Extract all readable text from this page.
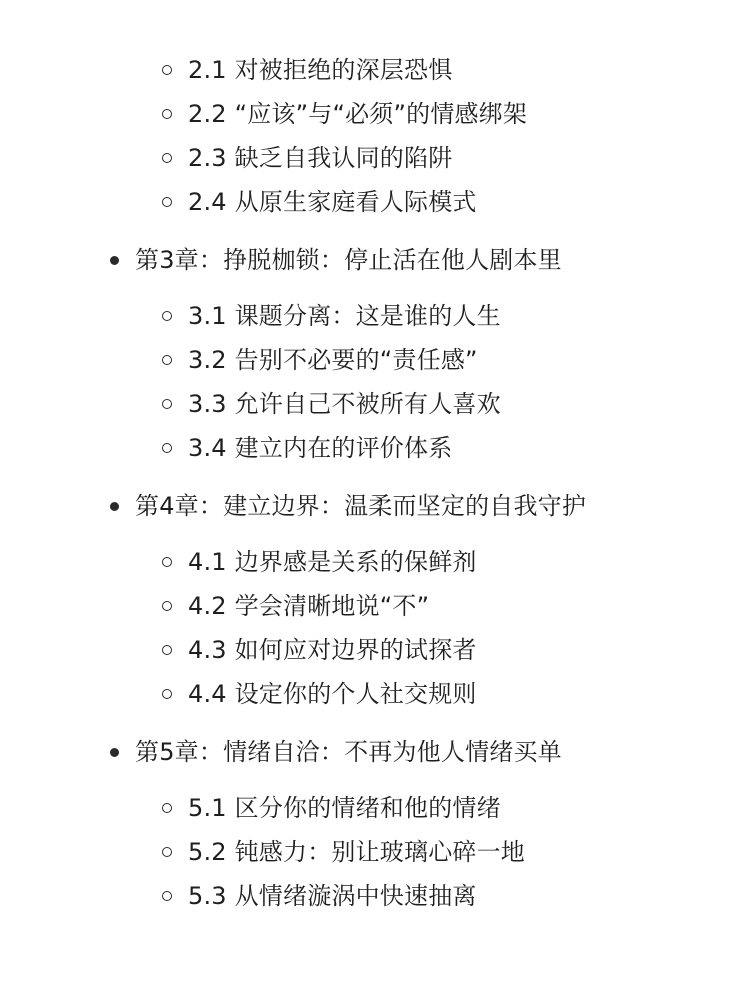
2.1 对被拒绝的深层恐惧
2.2 “应该”与“必须”的情感绑架
2.3 缺乏自我认同的陷阱
2.4 从原生家庭看人际模式
第3章：挣脱枷锁：停止活在他人剧本里
3.1 课题分离：这是谁的人生
3.2 告别不必要的“责任感”
3.3 允许自己不被所有人喜欢
3.4 建立内在的评价体系
第4章：建立边界：温柔而坚定的自我守护
4.1 边界感是关系的保鲜剂
4.2 学会清晰地说“不”
4.3 如何应对边界的试探者
4.4 设定你的个人社交规则
第5章：情绪自洽：不再为他人情绪买单
5.1 区分你的情绪和他的情绪
5.2 钝感力：别让玻璃心碎一地
5.3 从情绪漩涡中快速抽离
